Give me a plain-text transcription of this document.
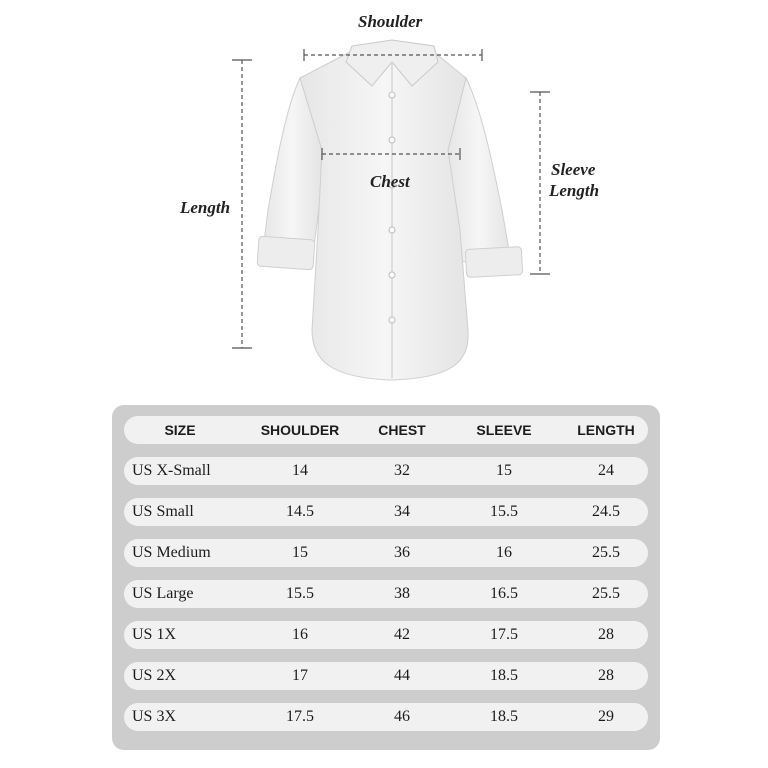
Shoulder
Chest
Length
Sleeve
Length
SIZE	SHOULDER	CHEST	SLEEVE	LENGTH
US X-Small	14	32	15	24
US Small	14.5	34	15.5	24.5
US Medium	15	36	16	25.5
US Large	15.5	38	16.5	25.5
US 1X	16	42	17.5	28
US 2X	17	44	18.5	28
US 3X	17.5	46	18.5	29
